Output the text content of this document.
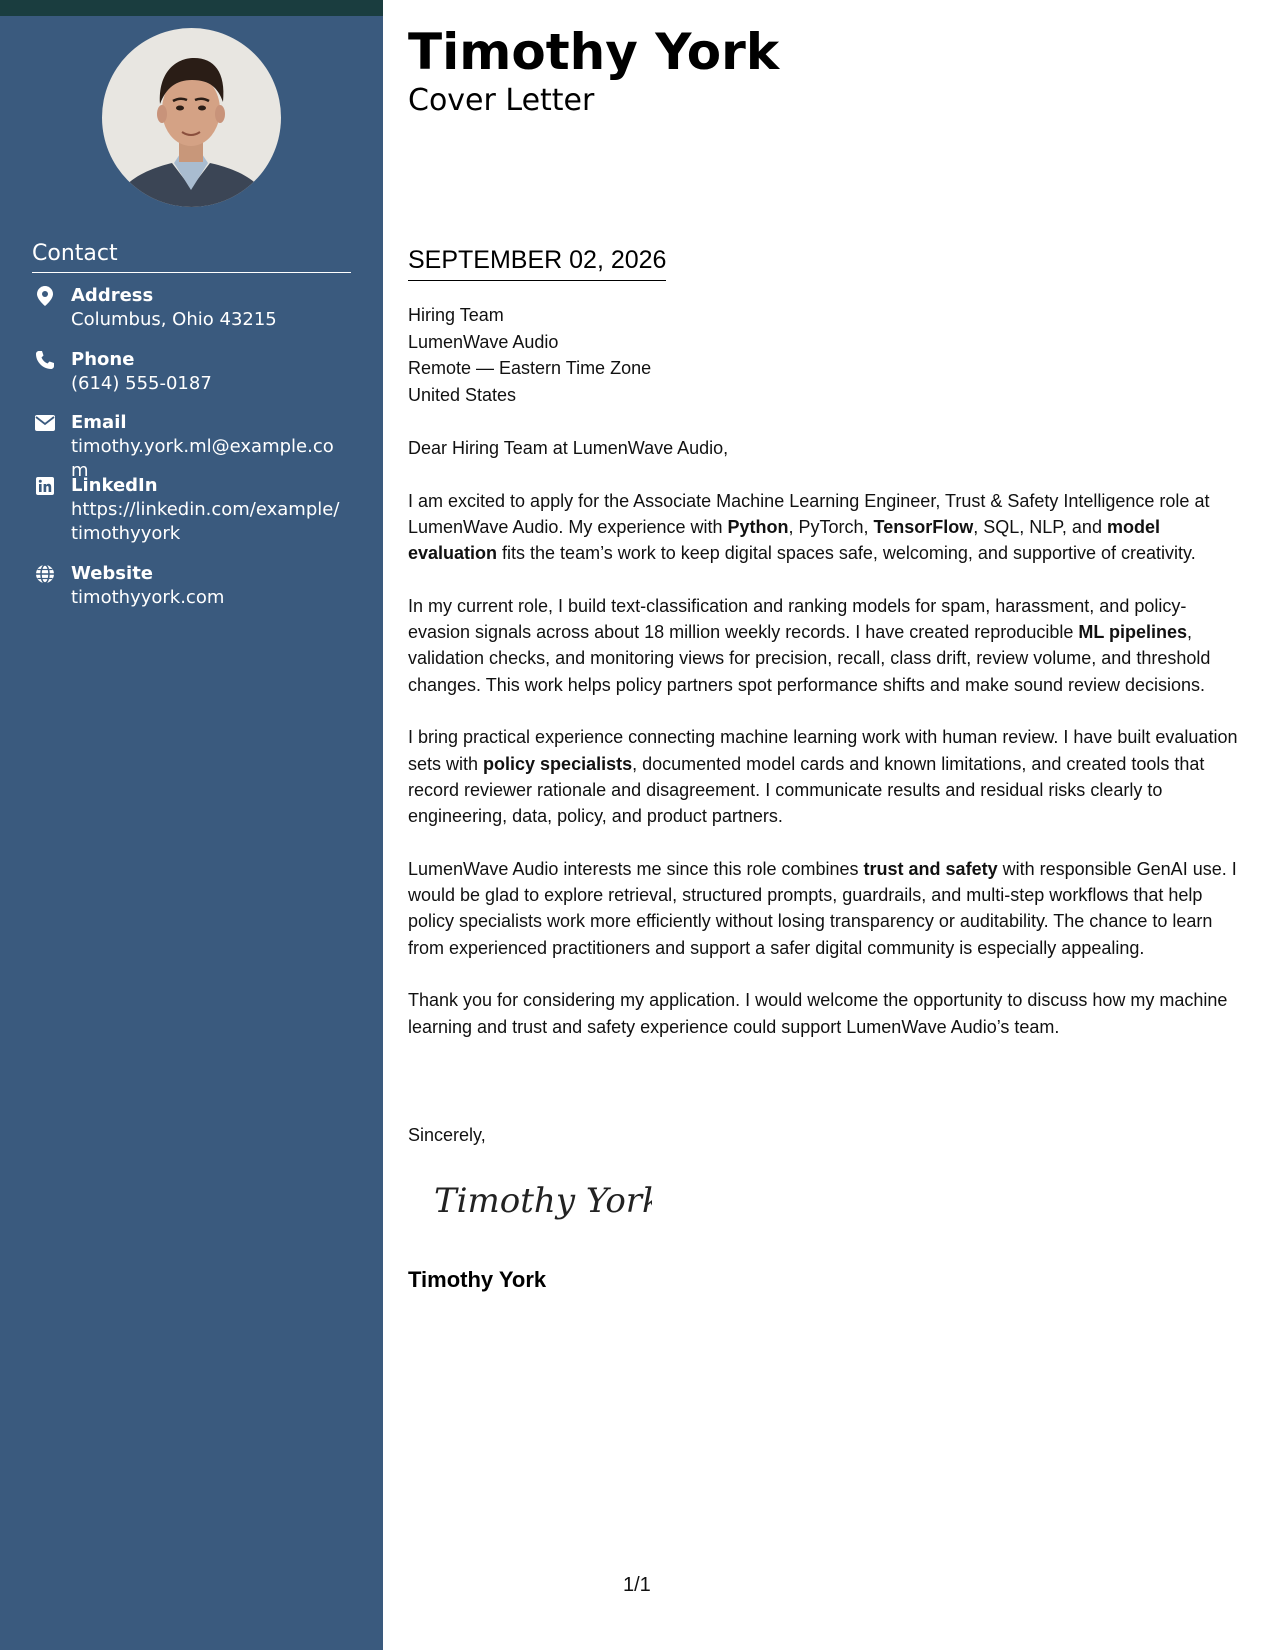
Contact
Address
Columbus, Ohio 43215
Phone
(614) 555-0187
Email
timothy.york.ml@example.com
LinkedIn
https://linkedin.com/example/timothyyork
Website
timothyyork.com
Timothy York
Cover Letter
SEPTEMBER 02, 2026
Hiring Team
LumenWave Audio
Remote — Eastern Time Zone
United States

Dear Hiring Team at LumenWave Audio,

I am excited to apply for the Associate Machine Learning Engineer, Trust & Safety Intelligence role at LumenWave Audio. My experience with Python, PyTorch, TensorFlow, SQL, NLP, and model evaluation fits the team’s work to keep digital spaces safe, welcoming, and supportive of creativity.

In my current role, I build text-classification and ranking models for spam, harassment, and policy-evasion signals across about 18 million weekly records. I have created reproducible ML pipelines, validation checks, and monitoring views for precision, recall, class drift, review volume, and threshold changes. This work helps policy partners spot performance shifts and make sound review decisions.

I bring practical experience connecting machine learning work with human review. I have built evaluation sets with policy specialists, documented model cards and known limitations, and created tools that record reviewer rationale and disagreement. I communicate results and residual risks clearly to engineering, data, policy, and product partners.

LumenWave Audio interests me since this role combines trust and safety with responsible GenAI use. I would be glad to explore retrieval, structured prompts, guardrails, and multi-step workflows that help policy specialists work more efficiently without losing transparency or auditability. The chance to learn from experienced practitioners and support a safer digital community is especially appealing.

Thank you for considering my application. I would welcome the opportunity to discuss how my machine learning and trust and safety experience could support LumenWave Audio’s team.

Sincerely,
Timothy York
Timothy York
1/1
